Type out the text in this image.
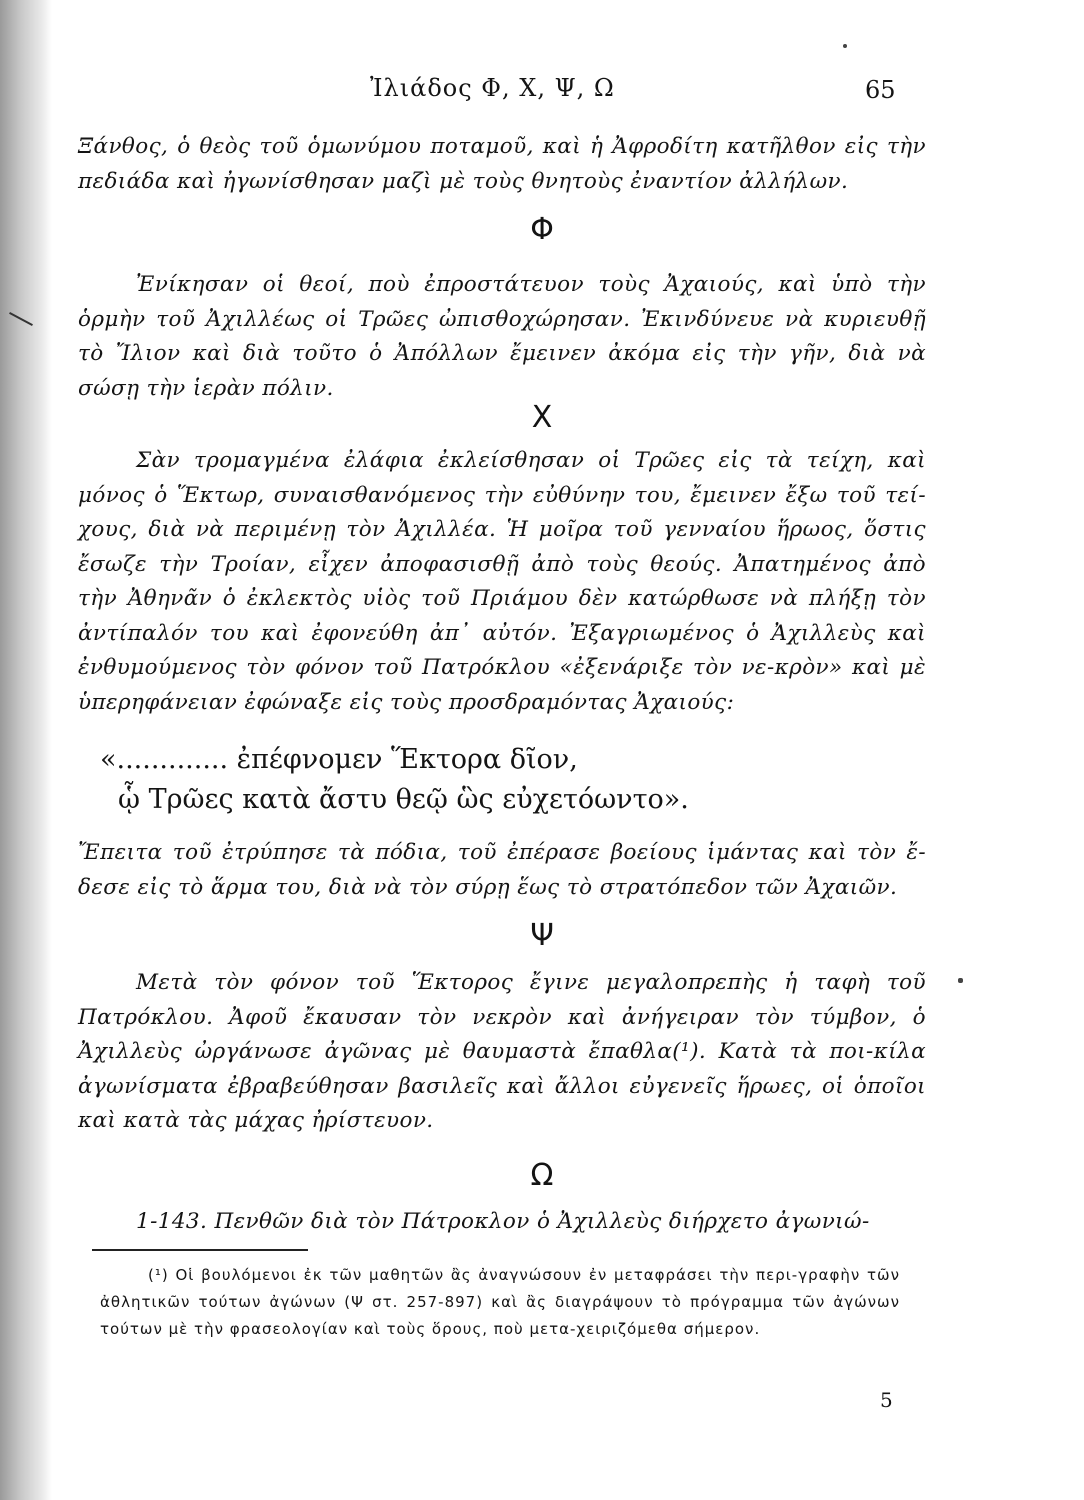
Ἰλιάδος Φ, Χ, Ψ, Ω	65

Ξάνθος, ὁ θεὸς τοῦ ὁμωνύμου ποταμοῦ, καὶ ἡ Ἀφροδίτη κατῆλθον εἰς τὴν πεδιάδα καὶ ἠγωνίσθησαν μαζὶ μὲ τοὺς θνητοὺς ἐναντίον ἀλλήλων.

Φ

Ἐνίκησαν οἱ θεοί, ποὺ ἐπροστάτευον τοὺς Ἀχαιούς, καὶ ὑπὸ τὴν ὁρμὴν τοῦ Ἀχιλλέως οἱ Τρῶες ὠπισθοχώρησαν. Ἐκινδύνευε νὰ κυριευθῇ τὸ Ἴλιον καὶ διὰ τοῦτο ὁ Ἀπόλλων ἔμεινεν ἀκόμα εἰς τὴν γῆν, διὰ νὰ σώσῃ τὴν ἱερὰν πόλιν.

Χ

Σὰν τρομαγμένα ἐλάφια ἐκλείσθησαν οἱ Τρῶες εἰς τὰ τείχη, καὶ μόνος ὁ Ἕκτωρ, συναισθανόμενος τὴν εὐθύνην του, ἔμεινεν ἔξω τοῦ τεί-χους, διὰ νὰ περιμένῃ τὸν Ἀχιλλέα. Ἡ μοῖρα τοῦ γενναίου ἥρωος, ὅστις ἔσωζε τὴν Τροίαν, εἶχεν ἀποφασισθῇ ἀπὸ τοὺς θεούς. Ἀπατημένος ἀπὸ τὴν Ἀθηνᾶν ὁ ἐκλεκτὸς υἱὸς τοῦ Πριάμου δὲν κατώρθωσε νὰ πλήξῃ τὸν ἀντίπαλόν του καὶ ἐφονεύθη ἀπ᾿ αὐτόν. Ἐξαγριωμένος ὁ Ἀχιλλεὺς καὶ ἐνθυμούμενος τὸν φόνον τοῦ Πατρόκλου «ἐξενάριξε τὸν νε-κρὸν» καὶ μὲ ὑπερηφάνειαν ἐφώναξε εἰς τοὺς προσδραμόντας Ἀχαιούς:

«............. ἐπέφνομεν Ἕκτορα δῖον,
ᾧ Τρῶες κατὰ ἄστυ θεῷ ὣς εὐχετόωντο».

Ἔπειτα τοῦ ἐτρύπησε τὰ πόδια, τοῦ ἐπέρασε βοείους ἱμάντας καὶ τὸν ἔ-δεσε εἰς τὸ ἅρμα του, διὰ νὰ τὸν σύρῃ ἕως τὸ στρατόπεδον τῶν Ἀχαιῶν.

Ψ

Μετὰ τὸν φόνον τοῦ Ἕκτορος ἔγινε μεγαλοπρεπὴς ἡ ταφὴ τοῦ Πατρόκλου. Ἀφοῦ ἔκαυσαν τὸν νεκρὸν καὶ ἀνήγειραν τὸν τύμβον, ὁ Ἀχιλλεὺς ὠργάνωσε ἀγῶνας μὲ θαυμαστὰ ἔπαθλα(¹). Κατὰ τὰ ποι-κίλα ἀγωνίσματα ἐβραβεύθησαν βασιλεῖς καὶ ἄλλοι εὐγενεῖς ἥρωες, οἱ ὁποῖοι καὶ κατὰ τὰς μάχας ἠρίστευον.

Ω

1-143. Πενθῶν διὰ τὸν Πάτροκλον ὁ Ἀχιλλεὺς διήρχετο ἀγωνιώ-

(¹) Οἱ βουλόμενοι ἐκ τῶν μαθητῶν ἂς ἀναγνώσουν ἐν μεταφράσει τὴν περι-γραφὴν τῶν ἀθλητικῶν τούτων ἀγώνων (Ψ στ. 257-897) καὶ ἂς διαγράψουν τὸ πρόγραμμα τῶν ἀγώνων τούτων μὲ τὴν φρασεολογίαν καὶ τοὺς ὅρους, ποὺ μετα-χειριζόμεθα σήμερον.

5
